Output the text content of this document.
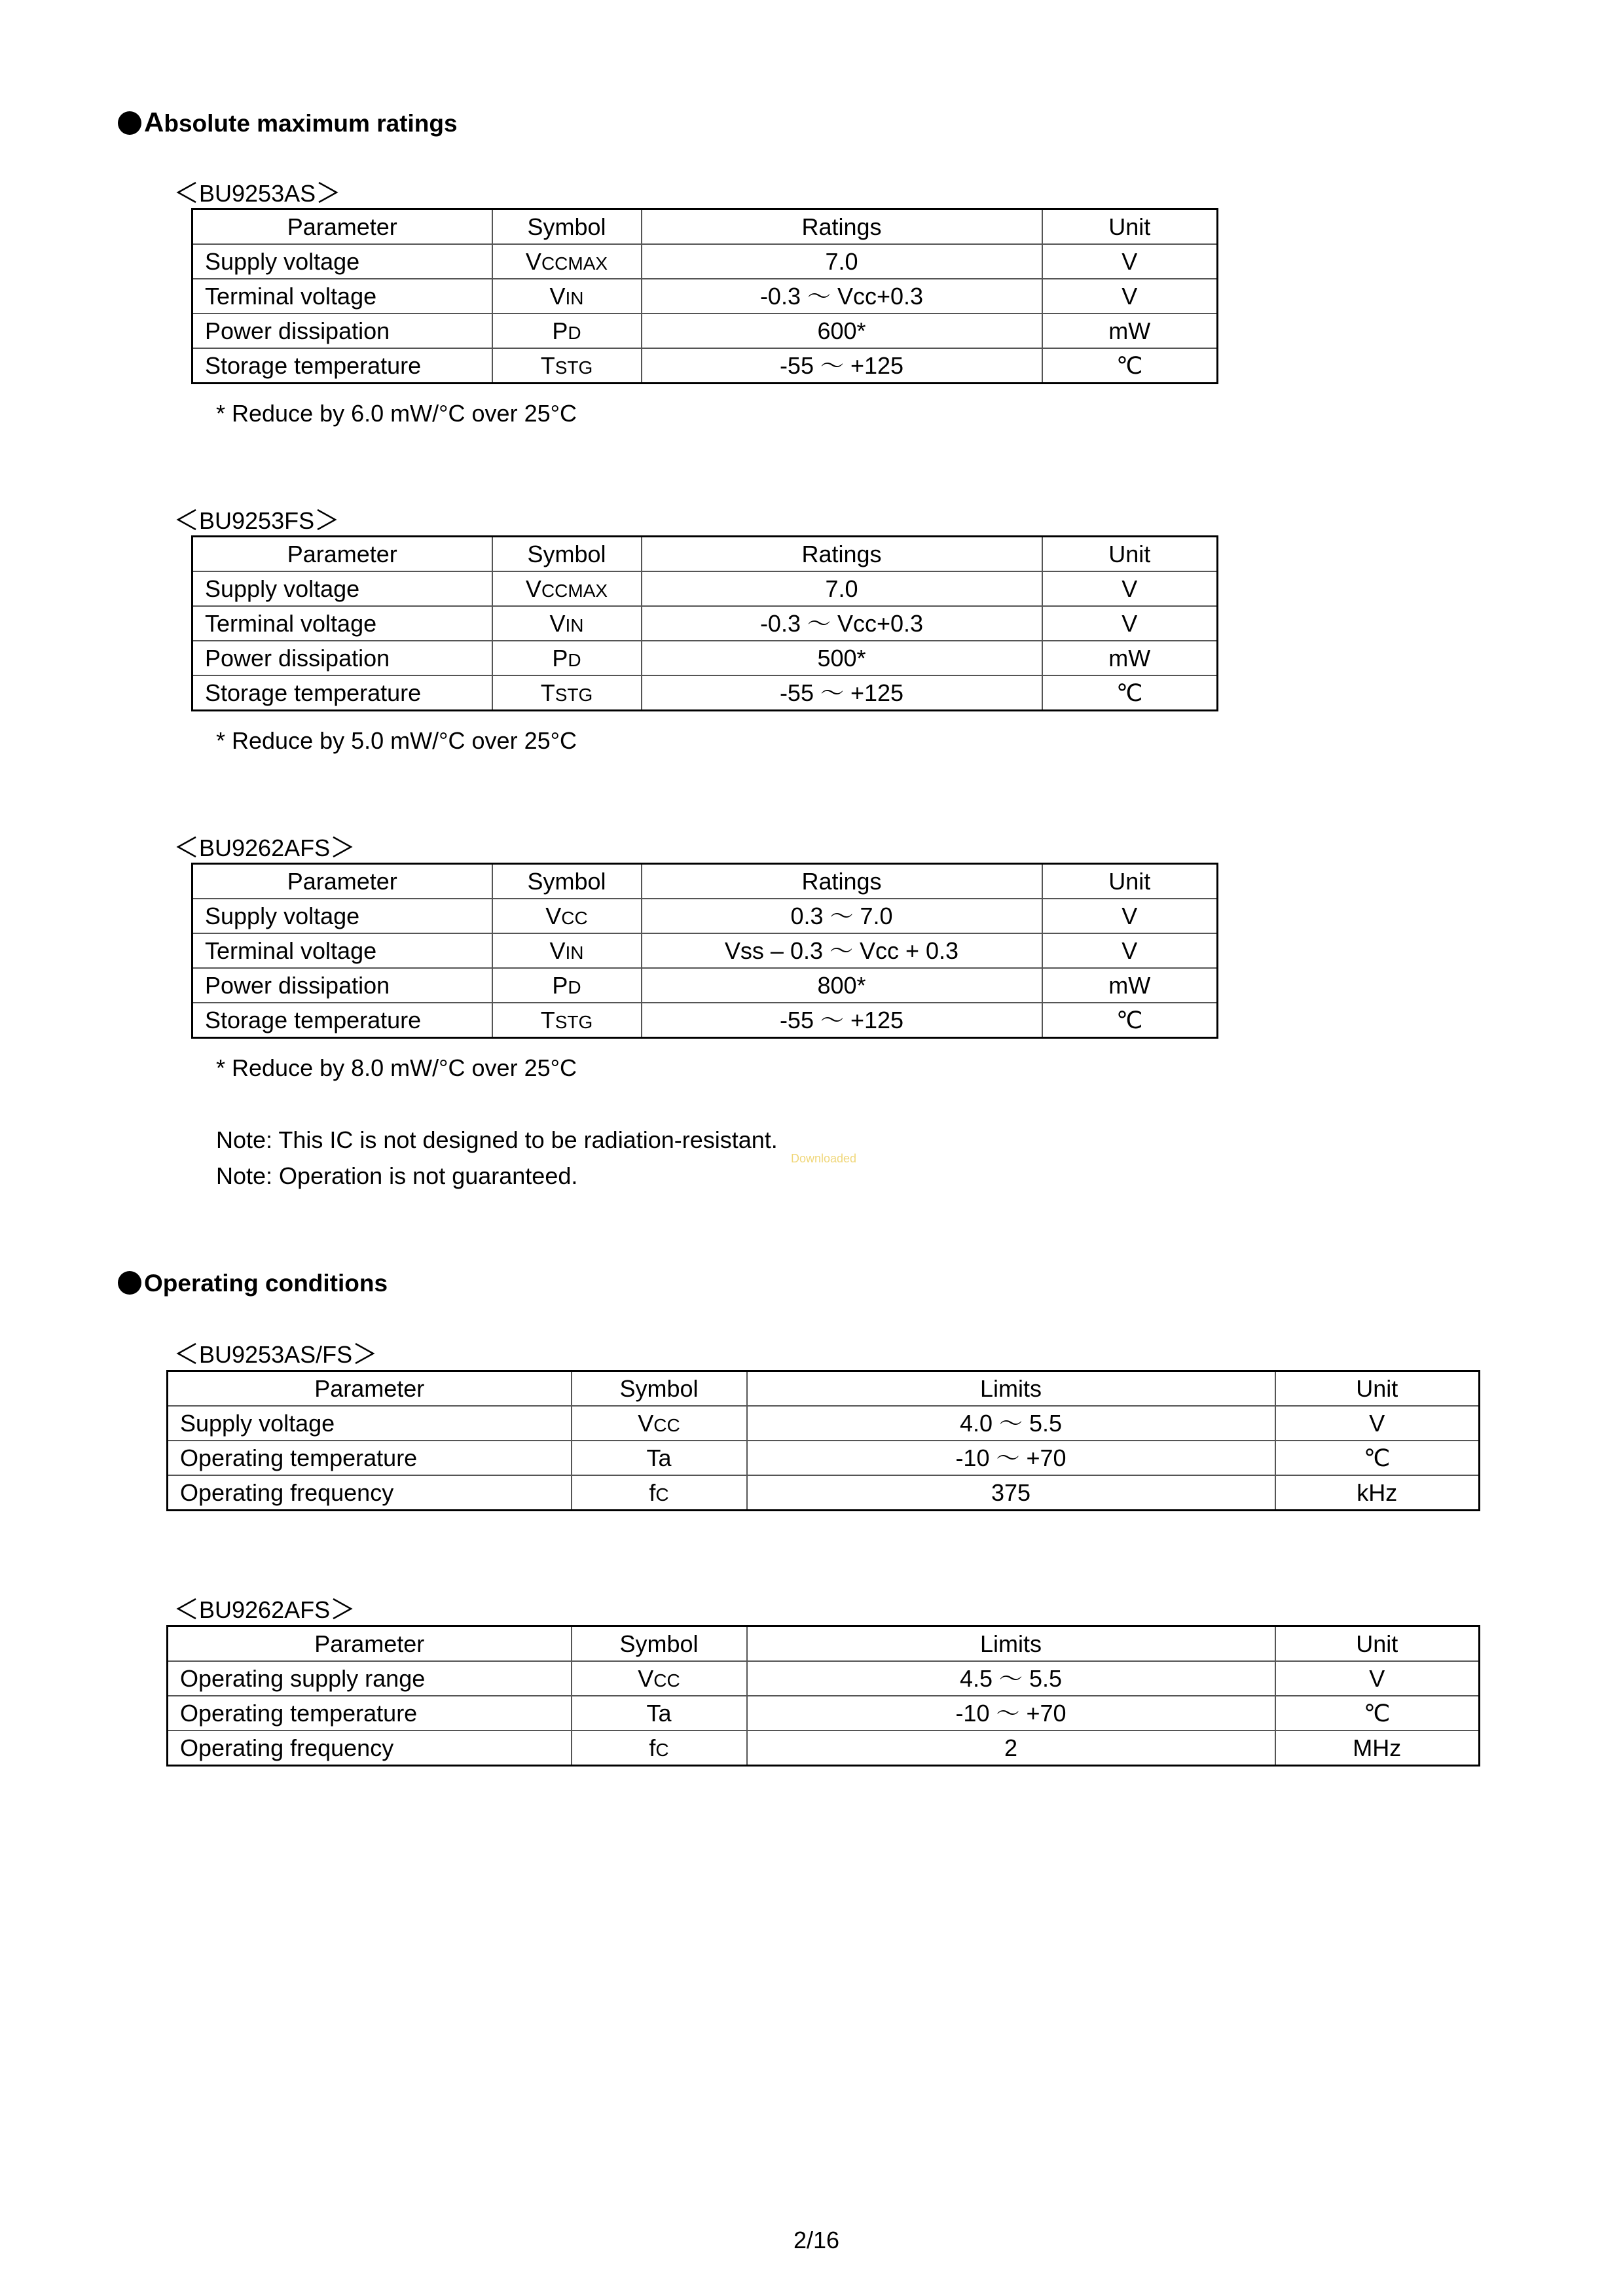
Absolute maximum ratings
BU9253AS
Parameter	Symbol	Ratings	Unit
Supply voltage	VCCMAX	7.0	V
Terminal voltage	VIN	-0.3 ～ Vcc+0.3	V
Power dissipation	PD	600*	mW
Storage temperature	TSTG	-55 ～ +125	℃
* Reduce by 6.0 mW/°C over 25°C
BU9253FS
Parameter	Symbol	Ratings	Unit
Supply voltage	VCCMAX	7.0	V
Terminal voltage	VIN	-0.3 ～ Vcc+0.3	V
Power dissipation	PD	500*	mW
Storage temperature	TSTG	-55 ～ +125	℃
* Reduce by 5.0 mW/°C over 25°C
BU9262AFS
Parameter	Symbol	Ratings	Unit
Supply voltage	VCC	0.3 ～ 7.0	V
Terminal voltage	VIN	Vss – 0.3 ～ Vcc + 0.3	V
Power dissipation	PD	800*	mW
Storage temperature	TSTG	-55 ～ +125	℃
* Reduce by 8.0 mW/°C over 25°C
Note: This IC is not designed to be radiation-resistant.
Downloaded
Note: Operation is not guaranteed.
Operating conditions
BU9253AS/FS
Parameter	Symbol	Limits	Unit
Supply voltage	VCC	4.0 ～ 5.5	V
Operating temperature	Ta	-10 ～ +70	℃
Operating frequency	fC	375	kHz
BU9262AFS
Parameter	Symbol	Limits	Unit
Operating supply range	VCC	4.5 ～ 5.5	V
Operating temperature	Ta	-10 ～ +70	℃
Operating frequency	fC	2	MHz
2/16
